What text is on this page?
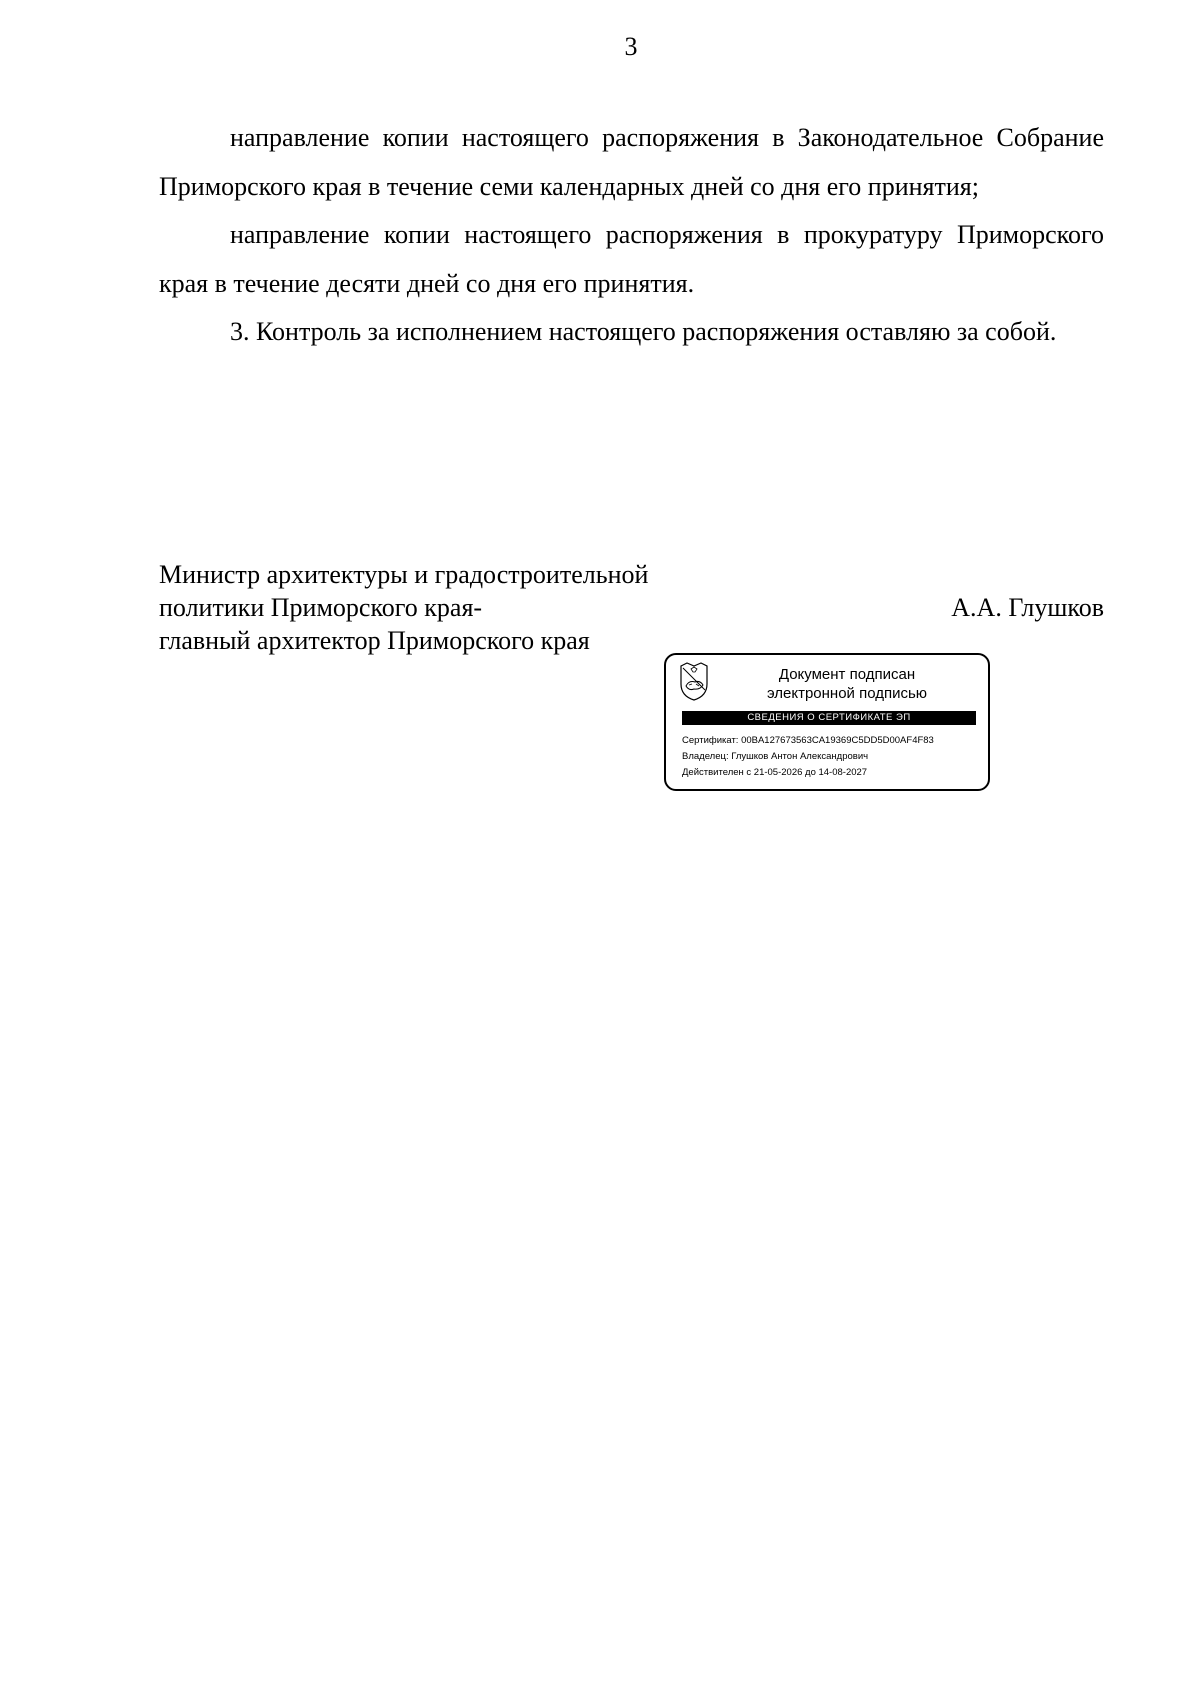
3

направление копии настоящего распоряжения в Законодательное Собрание Приморского края в течение семи календарных дней со дня его принятия;

направление копии настоящего распоряжения в прокуратуру Приморского края в течение десяти дней со дня его принятия.

3. Контроль за исполнением настоящего распоряжения оставляю за собой.

Министр архитектуры и градостроительной
политики Приморского края-
главный архитектор Приморского края
А.А. Глушков
Документ подписан
электронной подписью
СВЕДЕНИЯ О СЕРТИФИКАТЕ ЭП
Сертификат: 00BA127673563CA19369C5DD5D00AF4F83
Владелец: Глушков Антон Александрович
Действителен с 21-05-2026 до 14-08-2027
